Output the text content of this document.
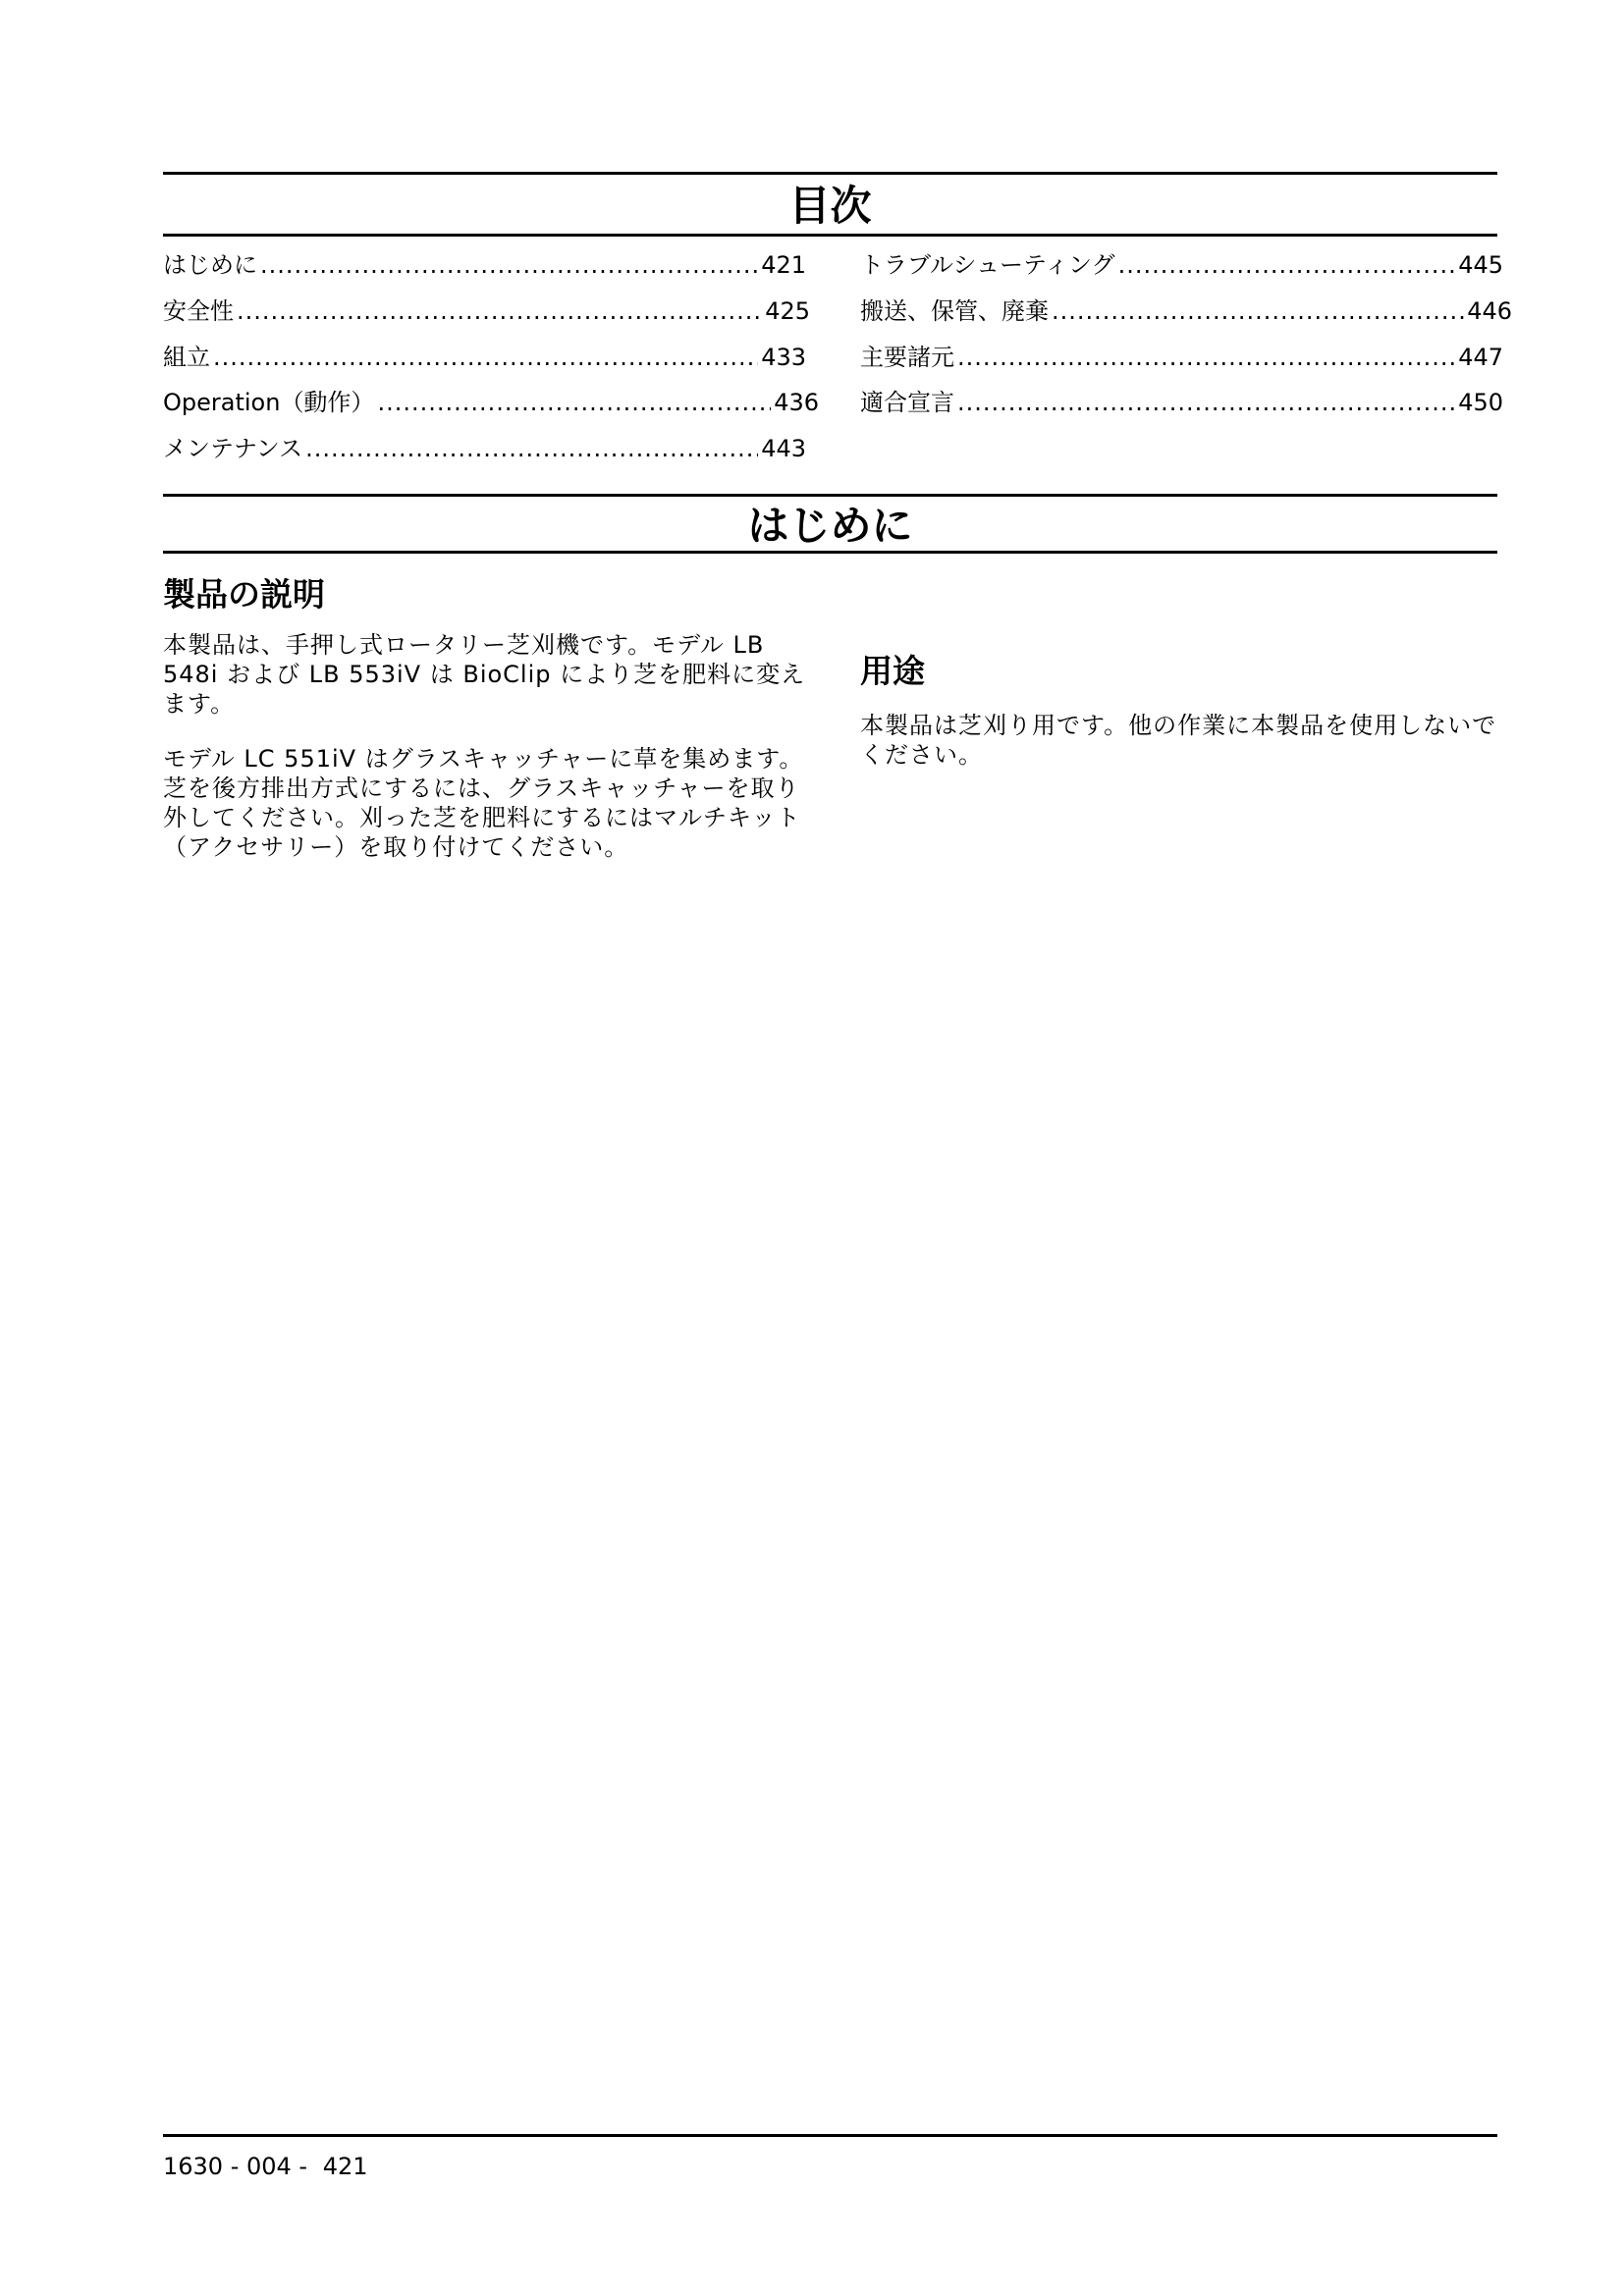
目次
はじめに .....	421
安全性 .....	425
組立 .....	433
Operation（動作） .....	436
メンテナンス .....	443
トラブルシューティング .....	445
搬送、保管、廃棄 .....	446
主要諸元 .....	447
適合宣言 .....	450
はじめに
製品の説明

本製品は、手押し式ロータリー芝刈機です。モデル LB 548i および LB 553iV は BioClip により芝を肥料に変えます。

モデル LC 551iV はグラスキャッチャーに草を集めます。芝を後方排出方式にするには、グラスキャッチャーを取り外してください。刈った芝を肥料にするにはマルチキット（アクセサリー）を取り付けてください。

用途

本製品は芝刈り用です。他の作業に本製品を使用しないでください。

1630 - 004 - 421
